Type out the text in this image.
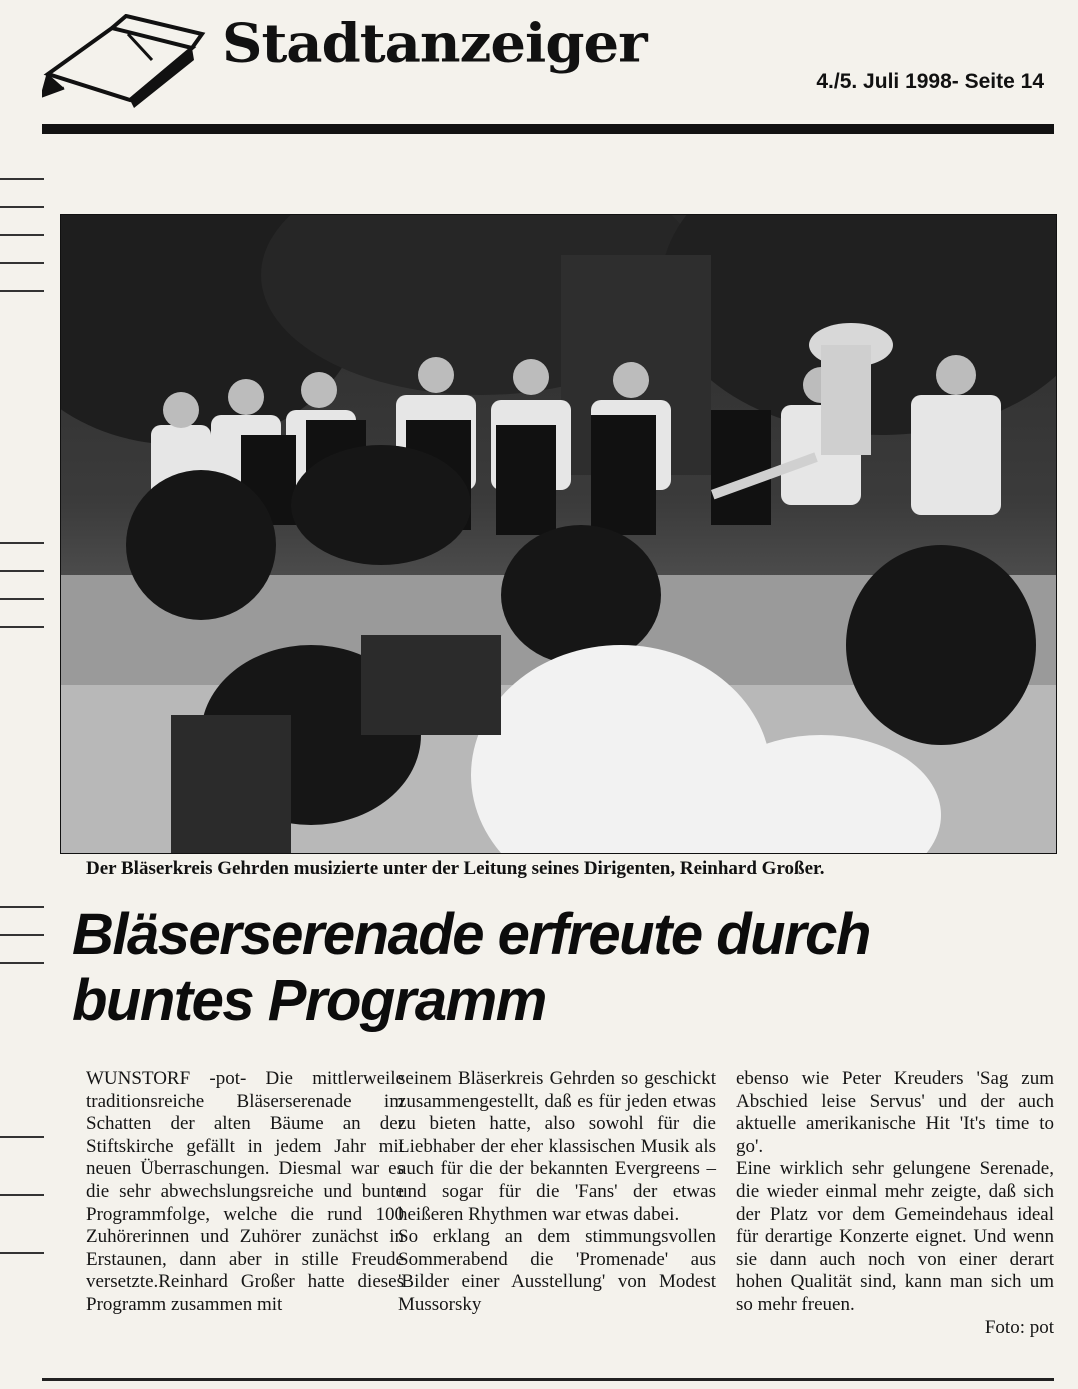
Stadtanzeiger
4./5. Juli 1998- Seite 14
Der Bläserkreis Gehrden musizierte unter der Leitung seines Dirigenten, Reinhard Großer.
Bläserserenade erfreute durch
buntes Programm

WUNSTORF -pot- Die mittlerweile traditionsreiche Bläserserenade im Schatten der alten Bäume an der Stiftskirche gefällt in jedem Jahr mit neuen Überraschungen. Diesmal war es die sehr abwechslungsreiche und bunte Programmfolge, welche die rund 100 Zuhörerinnen und Zuhörer zunächst in Erstaunen, dann aber in stille Freude versetzte.Reinhard Großer hatte dieses Programm zusammen mit

seinem Bläserkreis Gehrden so geschickt zusammengestellt, daß es für jeden etwas zu bieten hatte, also sowohl für die Liebhaber der eher klassischen Musik als auch für die der bekannten Evergreens – und sogar für die 'Fans' der etwas heißeren Rhythmen war etwas dabei.

So erklang an dem stimmungsvollen Sommerabend die 'Promenade' aus 'Bilder einer Ausstellung' von Modest Mussorsky

ebenso wie Peter Kreuders 'Sag zum Abschied leise Servus' und der auch aktuelle amerikanische Hit 'It's time to go'.

Eine wirklich sehr gelungene Serenade, die wieder einmal mehr zeigte, daß sich der Platz vor dem Gemeindehaus ideal für derartige Konzerte eignet. Und wenn sie dann auch noch von einer derart hohen Qualität sind, kann man sich um so mehr freuen.

Foto: pot
